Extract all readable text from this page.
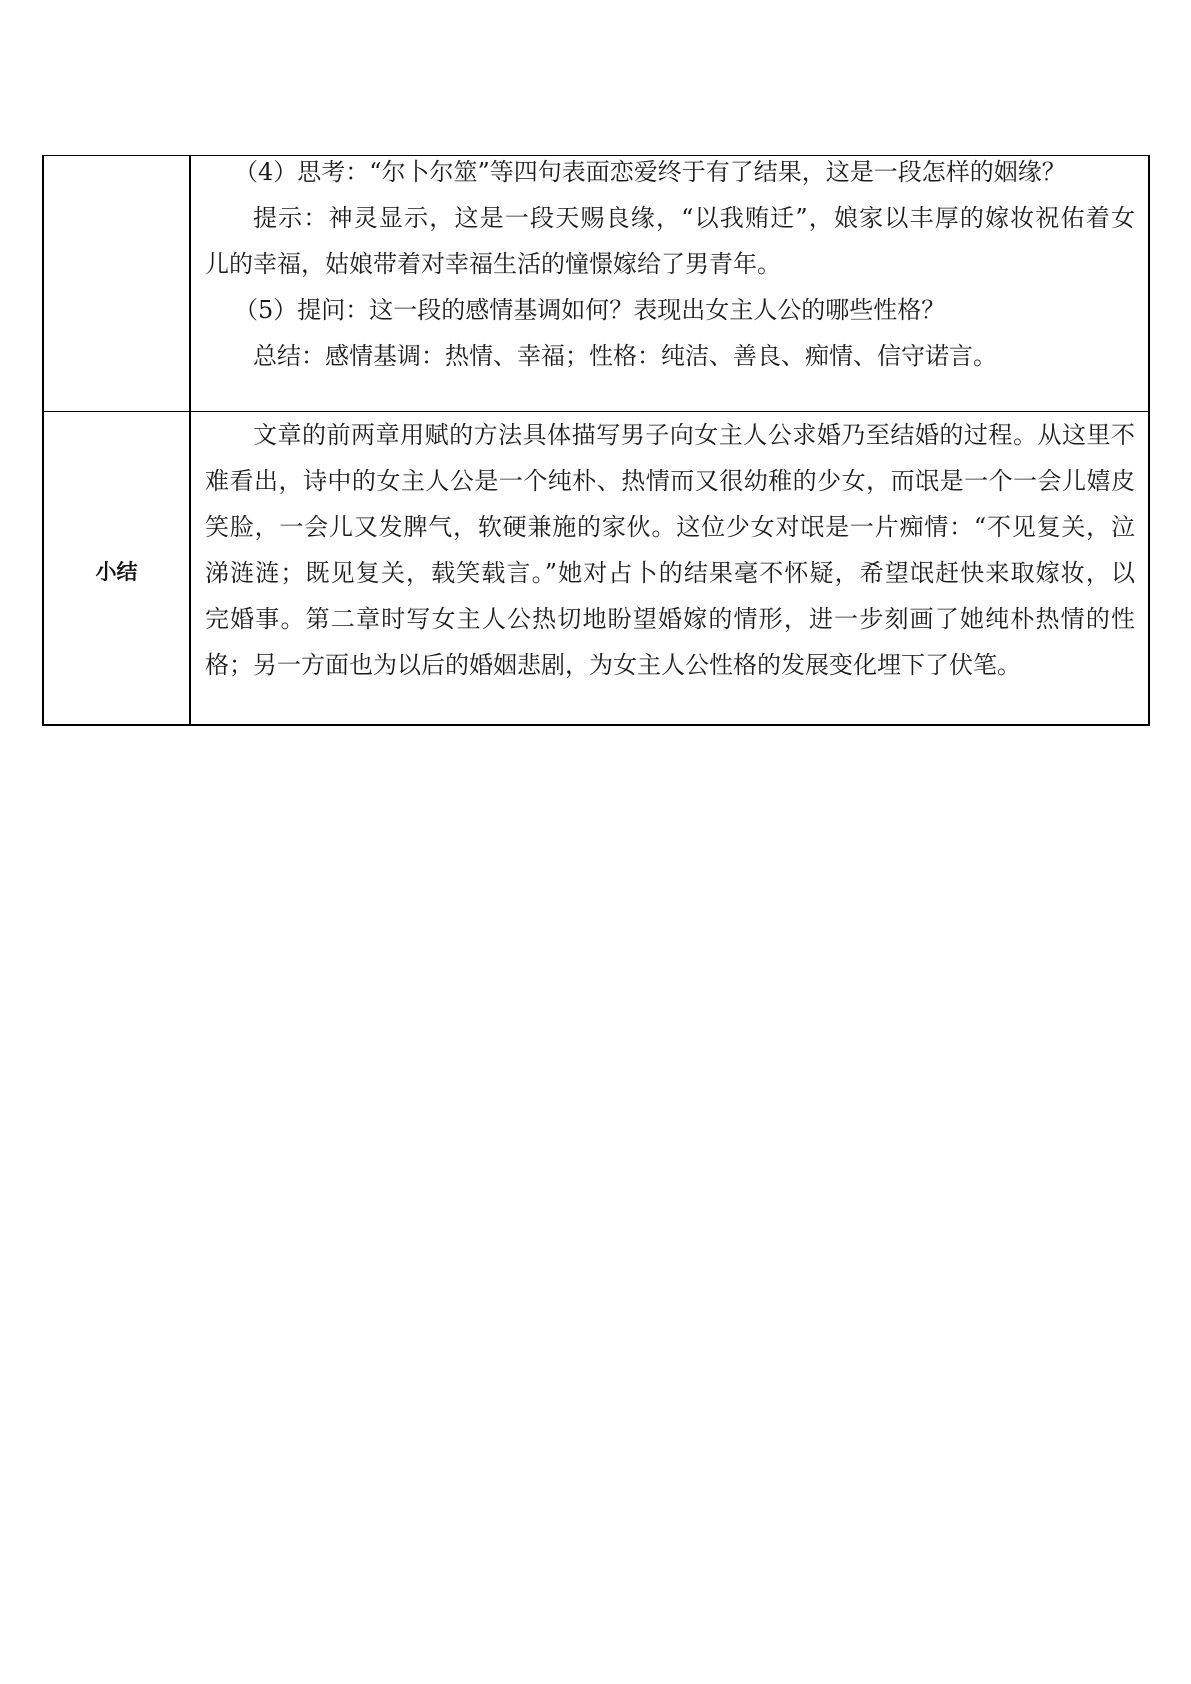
（4）思考：“尔卜尔筮”等四句表面恋爱终于有了结果，这是一段怎样的姻缘？
提示：神灵显示，这是一段天赐良缘，“以我贿迁”，娘家以丰厚的嫁妆祝佑着女
儿的幸福，姑娘带着对幸福生活的憧憬嫁给了男青年。
（5）提问：这一段的感情基调如何？表现出女主人公的哪些性格？
总结：感情基调：热情、幸福；性格：纯洁、善良、痴情、信守诺言。
小结
文章的前两章用赋的方法具体描写男子向女主人公求婚乃至结婚的过程。从这里不
难看出，诗中的女主人公是一个纯朴、热情而又很幼稚的少女，而氓是一个一会儿嬉皮
笑脸，一会儿又发脾气，软硬兼施的家伙。这位少女对氓是一片痴情：“不见复关，泣
涕涟涟；既见复关，载笑载言。”她对占卜的结果毫不怀疑，希望氓赶快来取嫁妆，以
完婚事。第二章时写女主人公热切地盼望婚嫁的情形，进一步刻画了她纯朴热情的性
格；另一方面也为以后的婚姻悲剧，为女主人公性格的发展变化埋下了伏笔。
